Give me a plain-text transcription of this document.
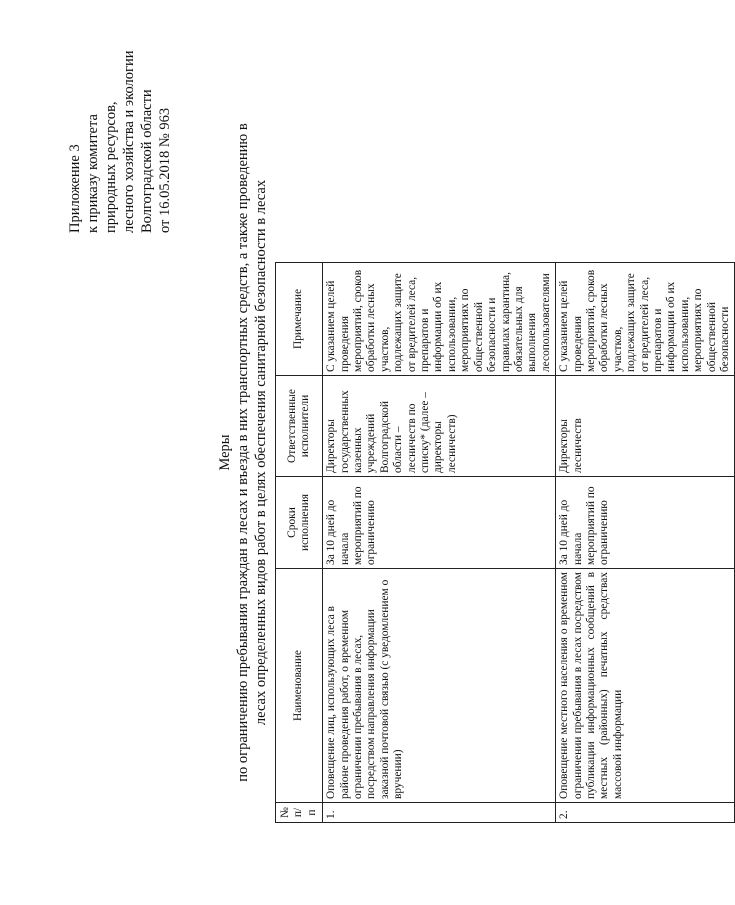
Приложение 3 к приказу комитета природных ресурсов, лесного хозяйства и экологии Волгоградской области от 16.05.2018 № 963
Меры по ограничению пребывания граждан в лесах и въезда в них транспортных средств, а также проведению в лесах определенных видов работ в целях обеспечения санитарной безопасности в лесах
№ п/п	Наименование	Сроки исполнения	Ответственные исполнители	Примечание
1.	Оповещение лиц, использующих леса в районе проведения работ, о временном ограничении пребывания в лесах, посредством направления информации заказной почтовой связью (с уведомлением о вручении)	За 10 дней до начала мероприятий по ограничению	Директоры государственных казенных учреждений Волгоградской области – лесничеств по списку* (далее – директоры лесничеств)	С указанием целей проведения мероприятий, сроков обработки лесных участков, подлежащих защите от вредителей леса, препаратов и информации об их использовании, мероприятиях по общественной безопасности и правилах карантина, обязательных для выполнения лесопользователями
2.	Оповещение местного населения о временном ограничении пребывания в лесах посредством публикации информационных сообщений в местных (районных) печатных средствах массовой информации	За 10 дней до начала мероприятий по ограничению	Директоры лесничеств	С указанием целей проведения мероприятий, сроков обработки лесных участков, подлежащих защите от вредителей леса, препаратов и информации об их использовании, мероприятиях по общественной безопасности
